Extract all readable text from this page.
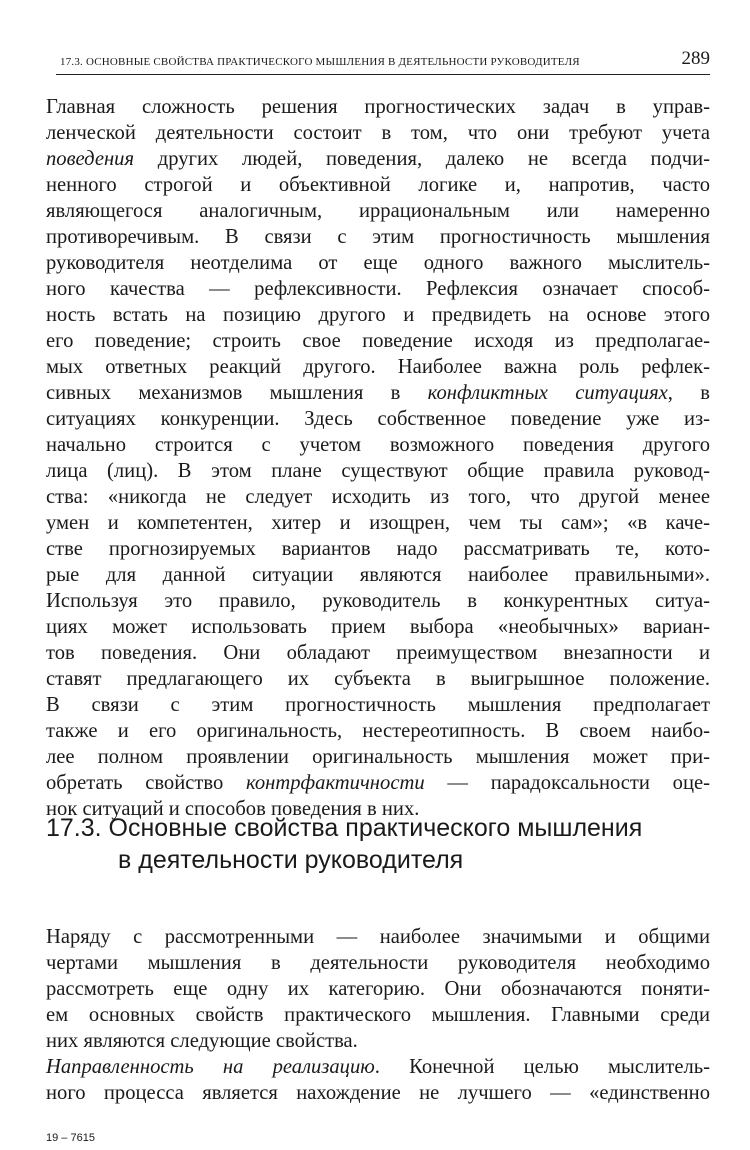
17.3. ОСНОВНЫЕ СВОЙСТВА ПРАКТИЧЕСКОГО МЫШЛЕНИЯ В ДЕЯТЕЛЬНОСТИ РУКОВОДИТЕЛЯ	289
Главная сложность решения прогностических задач в управ-
ленческой деятельности состоит в том, что они требуют учета
поведения других людей, поведения, далеко не всегда подчи-
ненного строгой и объективной логике и, напротив, часто
являющегося аналогичным, иррациональным или намеренно
противоречивым. В связи с этим прогностичность мышления
руководителя неотделима от еще одного важного мыслитель-
ного качества — рефлексивности. Рефлексия означает способ-
ность встать на позицию другого и предвидеть на основе этого
его поведение; строить свое поведение исходя из предполагае-
мых ответных реакций другого. Наиболее важна роль рефлек-
сивных механизмов мышления в конфликтных ситуациях, в
ситуациях конкуренции. Здесь собственное поведение уже из-
начально строится с учетом возможного поведения другого
лица (лиц). В этом плане существуют общие правила руковод-
ства: «никогда не следует исходить из того, что другой менее
умен и компетентен, хитер и изощрен, чем ты сам»; «в каче-
стве прогнозируемых вариантов надо рассматривать те, кото-
рые для данной ситуации являются наиболее правильными».
Используя это правило, руководитель в конкурентных ситуа-
циях может использовать прием выбора «необычных» вариан-
тов поведения. Они обладают преимуществом внезапности и
ставят предлагающего их субъекта в выигрышное положение.
В связи с этим прогностичность мышления предполагает
также и его оригинальность, нестереотипность. В своем наибо-
лее полном проявлении оригинальность мышления может при-
обретать свойство контрфактичности — парадоксальности оце-
нок ситуаций и способов поведения в них.
17.3. Основные свойства практического мышления
в деятельности руководителя
Наряду с рассмотренными — наиболее значимыми и общими
чертами мышления в деятельности руководителя необходимо
рассмотреть еще одну их категорию. Они обозначаются поняти-
ем основных свойств практического мышления. Главными среди
них являются следующие свойства.
Направленность на реализацию. Конечной целью мыслитель-
ного процесса является нахождение не лучшего — «единственно
19 – 7615
